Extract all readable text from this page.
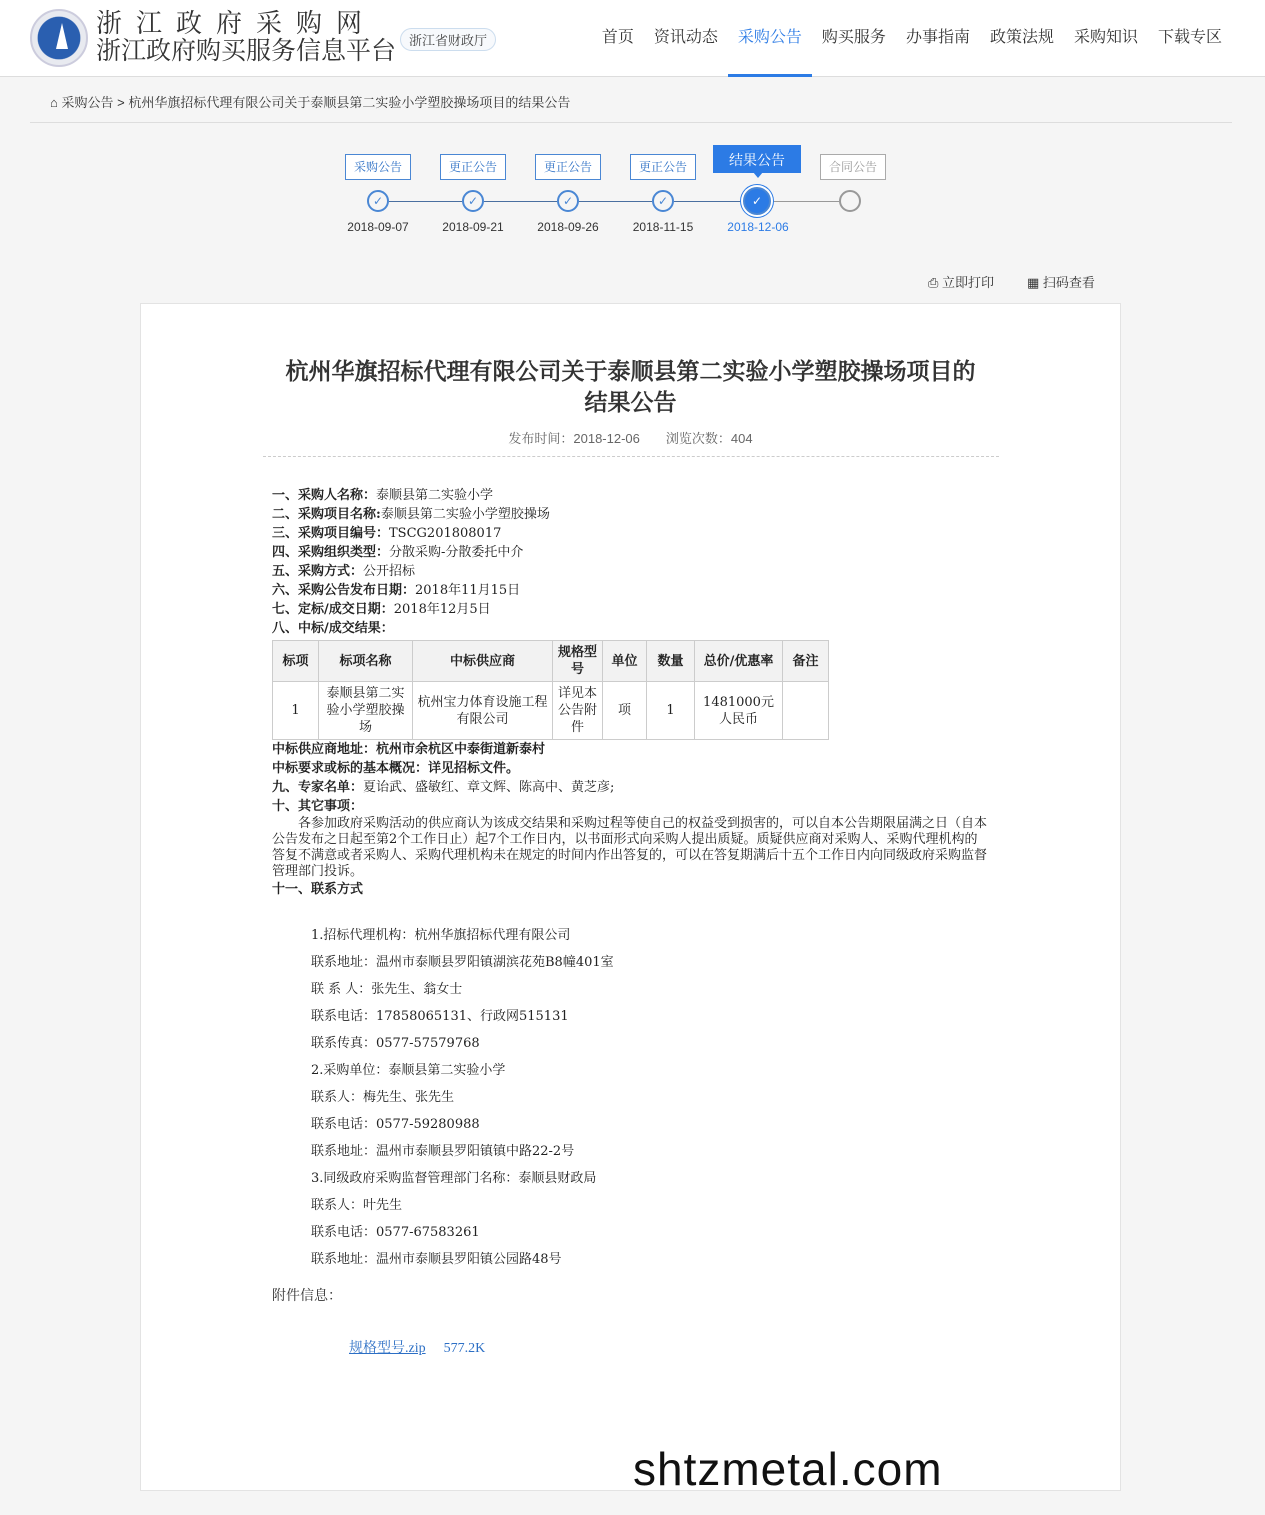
浙江政府采购网
浙江政府购买服务信息平台 浙江省财政厅	首页	资讯动态	采购公告	购买服务	办事指南	政策法规	采购知识	下载专区
⌂ 采购公告 > 杭州华旗招标代理有限公司关于泰顺县第二实验小学塑胶操场项目的结果公告
采购公告	更正公告	更正公告	更正公告	结果公告	合同公告
✓	✓	✓	✓	✓
2018-09-07	2018-09-21	2018-09-26	2018-11-15	2018-12-06
⎙ 立即打印	▦ 扫码查看
杭州华旗招标代理有限公司关于泰顺县第二实验小学塑胶操场项目的
结果公告
发布时间：2018-12-06　　浏览次数：404
一、采购人名称：泰顺县第二实验小学
二、采购项目名称:泰顺县第二实验小学塑胶操场
三、采购项目编号：TSCG201808017
四、采购组织类型：分散采购-分散委托中介
五、采购方式：公开招标
六、采购公告发布日期：2018年11月15日
七、定标/成交日期：2018年12月5日
八、中标/成交结果：
标项	标项名称	中标供应商	规格型号	单位	数量	总价/优惠率	备注
1	泰顺县第二实验小学塑胶操场	杭州宝力体育设施工程有限公司	详见本公告附件	项	1	1481000元人民币	
中标供应商地址：杭州市余杭区中泰街道新泰村
中标要求或标的基本概况：详见招标文件。
九、专家名单：夏诒武、盛敏红、章文辉、陈高中、黄芝彦;
十、其它事项：
各参加政府采购活动的供应商认为该成交结果和采购过程等使自己的权益受到损害的，可以自本公告期限届满之日（自本公告发布之日起至第2个工作日止）起7个工作日内，以书面形式向采购人提出质疑。质疑供应商对采购人、采购代理机构的答复不满意或者采购人、采购代理机构未在规定的时间内作出答复的，可以在答复期满后十五个工作日内向同级政府采购监督管理部门投诉。
十一、联系方式
1.招标代理机构：杭州华旗招标代理有限公司
联系地址：温州市泰顺县罗阳镇湖滨花苑B8幢401室
联 系 人：张先生、翁女士
联系电话：17858065131、行政网515131
联系传真：0577-57579768
2.采购单位：泰顺县第二实验小学
联系人：梅先生、张先生
联系电话：0577-59280988
联系地址：温州市泰顺县罗阳镇镇中路22-2号
3.同级政府采购监督管理部门名称：泰顺县财政局
联系人：叶先生
联系电话：0577-67583261
联系地址：温州市泰顺县罗阳镇公园路48号
附件信息：
规格型号.zip 577.2K
shtzmetal.com
